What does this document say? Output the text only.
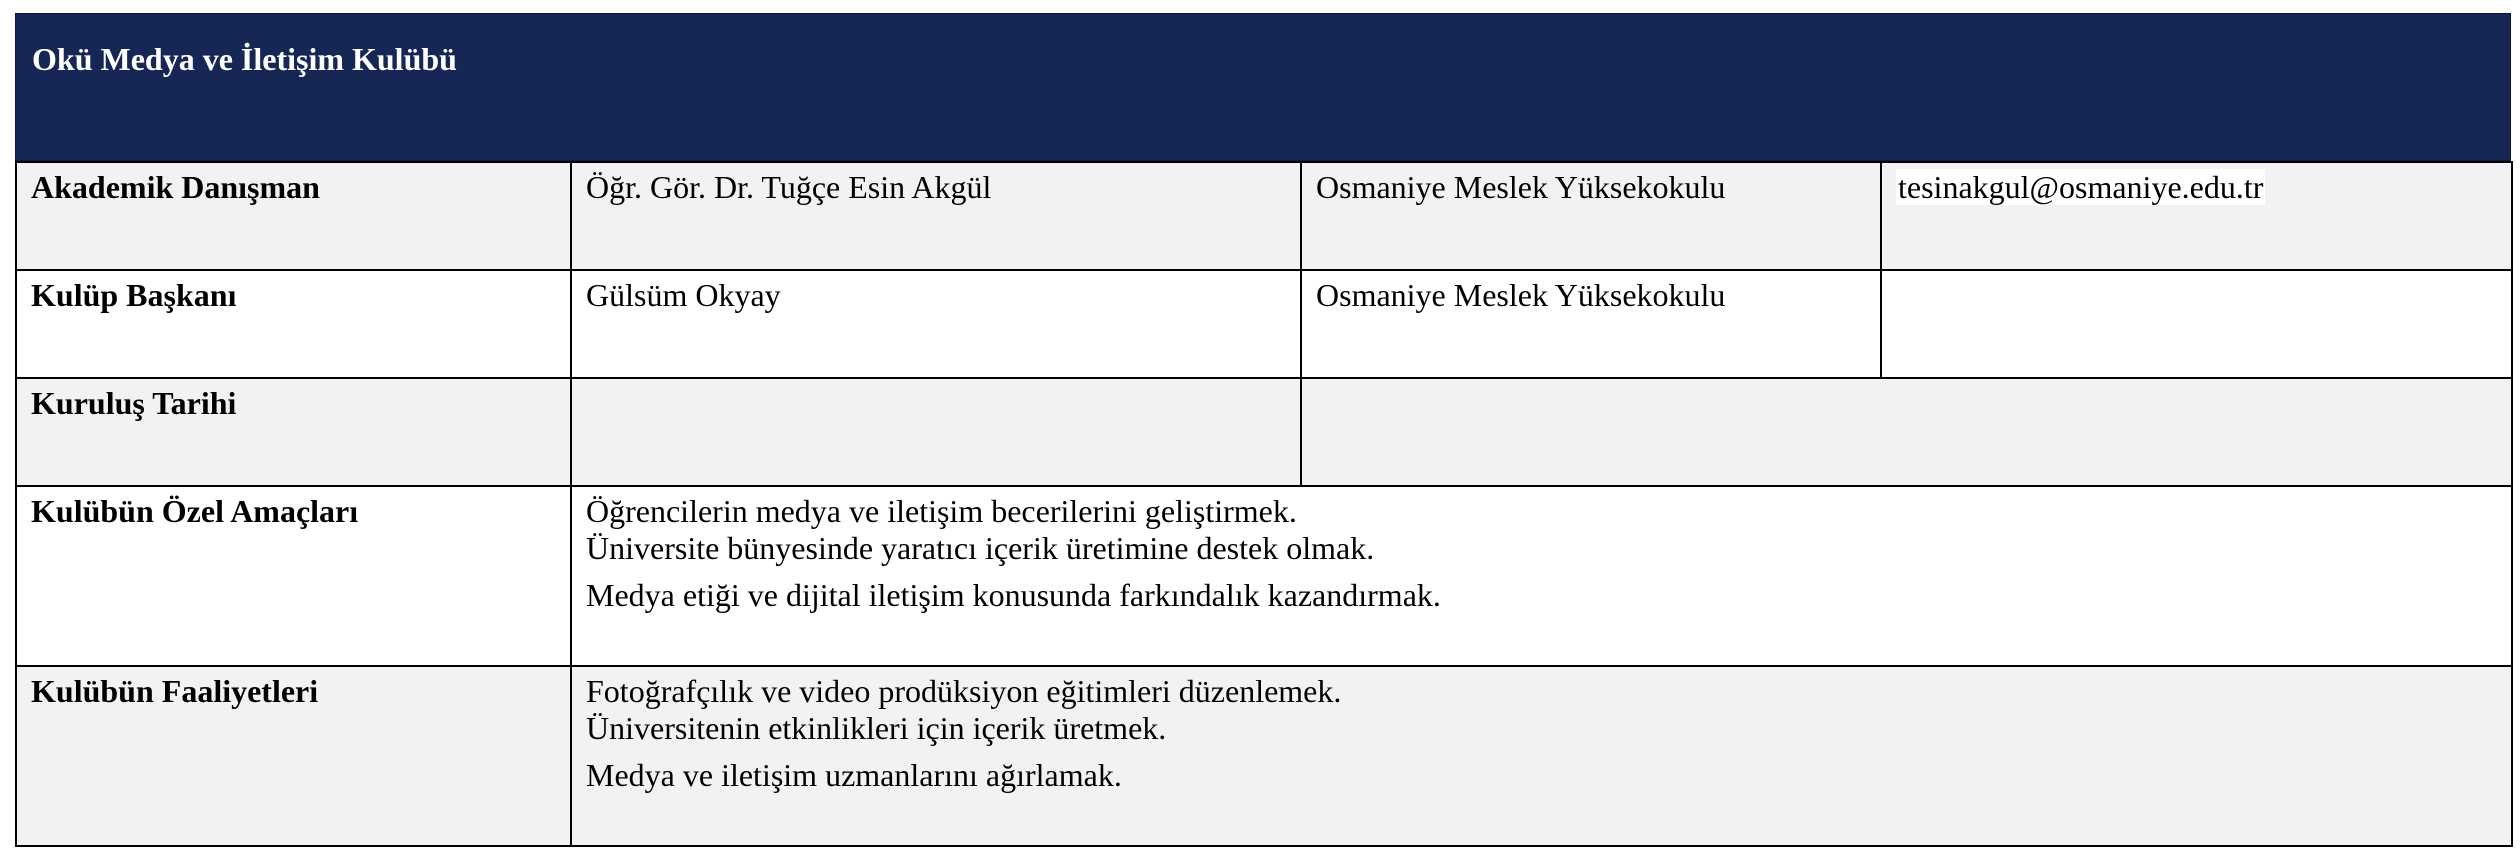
Okü Medya ve İletişim Kulübü
Akademik Danışman	Öğr. Gör. Dr. Tuğçe Esin Akgül	Osmaniye Meslek Yüksekokulu	tesinakgul@osmaniye.edu.tr
Kulüp Başkanı	Gülsüm Okyay	Osmaniye Meslek Yüksekokulu	
Kuruluş Tarihi			
Kulübün Özel Amaçları	Öğrencilerin medya ve iletişim becerilerini geliştirmek.
Üniversite bünyesinde yaratıcı içerik üretimine destek olmak.
Medya etiği ve dijital iletişim konusunda farkındalık kazandırmak.		

Kulübün Faaliyetleri	Fotoğrafçılık ve video prodüksiyon eğitimleri düzenlemek.
Üniversitenin etkinlikleri için içerik üretmek.
Medya ve iletişim uzmanlarını ağırlamak.		
